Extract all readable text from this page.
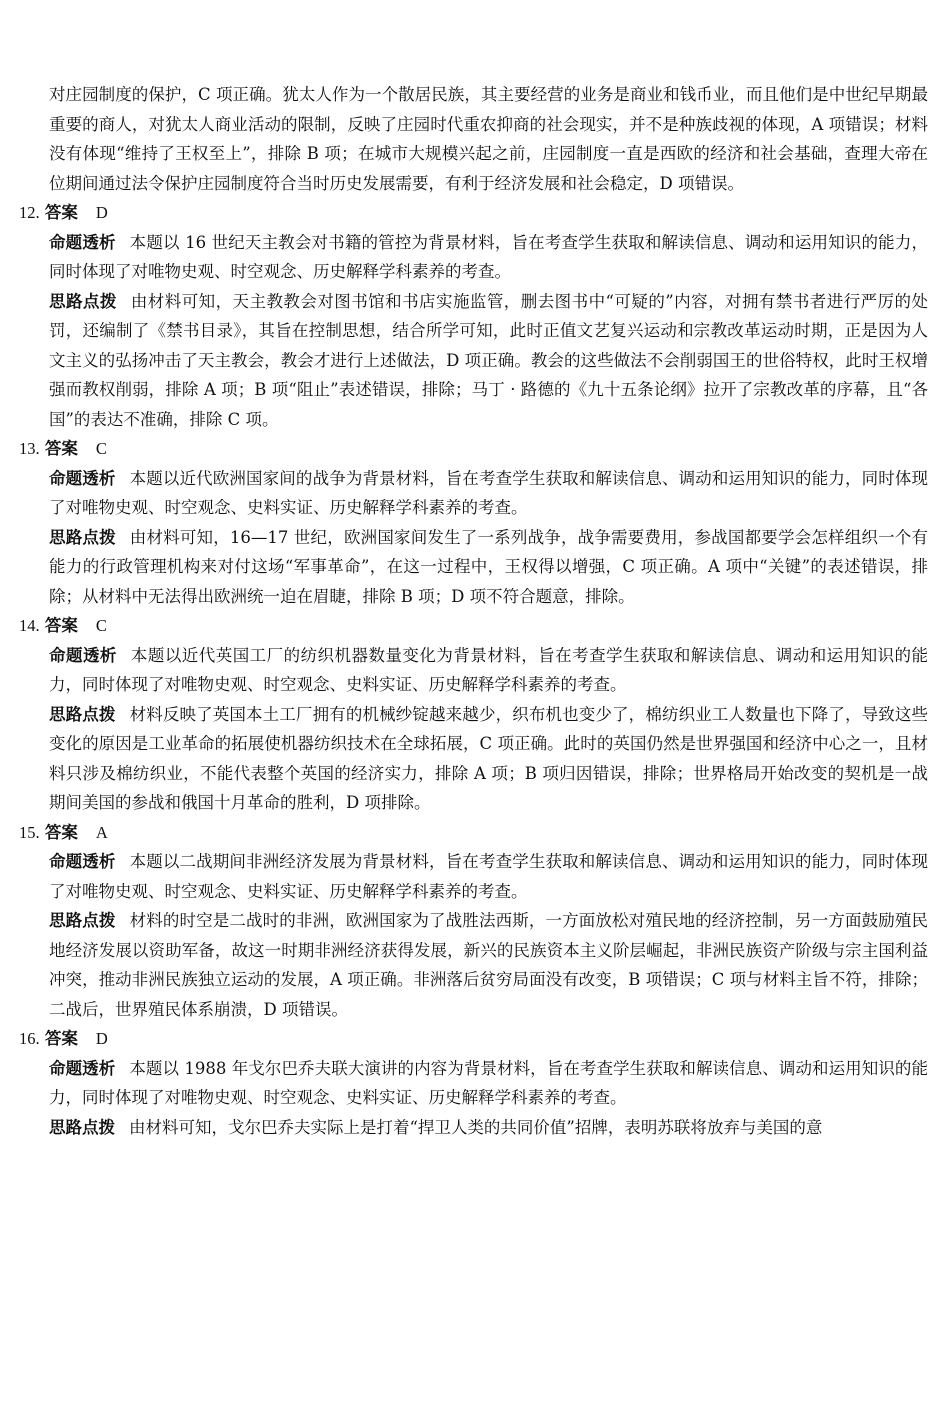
对庄园制度的保护，C 项正确。犹太人作为一个散居民族，其主要经营的业务是商业和钱币业，而且他们是中世纪早期最重要的商人，对犹太人商业活动的限制，反映了庄园时代重农抑商的社会现实，并不是种族歧视的体现，A 项错误；材料没有体现“维持了王权至上”，排除 B 项；在城市大规模兴起之前，庄园制度一直是西欧的经济和社会基础，查理大帝在位期间通过法令保护庄园制度符合当时历史发展需要，有利于经济发展和社会稳定，D 项错误。

12. 答案 D

命题透析 本题以 16 世纪天主教会对书籍的管控为背景材料，旨在考查学生获取和解读信息、调动和运用知识的能力，同时体现了对唯物史观、时空观念、历史解释学科素养的考查。

思路点拨 由材料可知，天主教教会对图书馆和书店实施监管，删去图书中“可疑的”内容，对拥有禁书者进行严厉的处罚，还编制了《禁书目录》，其旨在控制思想，结合所学可知，此时正值文艺复兴运动和宗教改革运动时期，正是因为人文主义的弘扬冲击了天主教会，教会才进行上述做法，D 项正确。教会的这些做法不会削弱国王的世俗特权，此时王权增强而教权削弱，排除 A 项；B 项“阻止”表述错误，排除；马丁 · 路德的《九十五条论纲》拉开了宗教改革的序幕，且“各国”的表达不准确，排除 C 项。

13. 答案 C

命题透析 本题以近代欧洲国家间的战争为背景材料，旨在考查学生获取和解读信息、调动和运用知识的能力，同时体现了对唯物史观、时空观念、史料实证、历史解释学科素养的考查。

思路点拨 由材料可知，16—17 世纪，欧洲国家间发生了一系列战争，战争需要费用，参战国都要学会怎样组织一个有能力的行政管理机构来对付这场“军事革命”，在这一过程中，王权得以增强，C 项正确。A 项中“关键”的表述错误，排除；从材料中无法得出欧洲统一迫在眉睫，排除 B 项；D 项不符合题意，排除。

14. 答案 C

命题透析 本题以近代英国工厂的纺织机器数量变化为背景材料，旨在考查学生获取和解读信息、调动和运用知识的能力，同时体现了对唯物史观、时空观念、史料实证、历史解释学科素养的考查。

思路点拨 材料反映了英国本土工厂拥有的机械纱锭越来越少，织布机也变少了，棉纺织业工人数量也下降了，导致这些变化的原因是工业革命的拓展使机器纺织技术在全球拓展，C 项正确。此时的英国仍然是世界强国和经济中心之一，且材料只涉及棉纺织业，不能代表整个英国的经济实力，排除 A 项；B 项归因错误，排除；世界格局开始改变的契机是一战期间美国的参战和俄国十月革命的胜利，D 项排除。

15. 答案 A

命题透析 本题以二战期间非洲经济发展为背景材料，旨在考查学生获取和解读信息、调动和运用知识的能力，同时体现了对唯物史观、时空观念、史料实证、历史解释学科素养的考查。

思路点拨 材料的时空是二战时的非洲，欧洲国家为了战胜法西斯，一方面放松对殖民地的经济控制，另一方面鼓励殖民地经济发展以资助军备，故这一时期非洲经济获得发展，新兴的民族资本主义阶层崛起，非洲民族资产阶级与宗主国利益冲突，推动非洲民族独立运动的发展，A 项正确。非洲落后贫穷局面没有改变，B 项错误；C 项与材料主旨不符，排除；二战后，世界殖民体系崩溃，D 项错误。

16. 答案 D

命题透析 本题以 1988 年戈尔巴乔夫联大演讲的内容为背景材料，旨在考查学生获取和解读信息、调动和运用知识的能力，同时体现了对唯物史观、时空观念、史料实证、历史解释学科素养的考查。

思路点拨 由材料可知，戈尔巴乔夫实际上是打着“捍卫人类的共同价值”招牌，表明苏联将放弃与美国的意
